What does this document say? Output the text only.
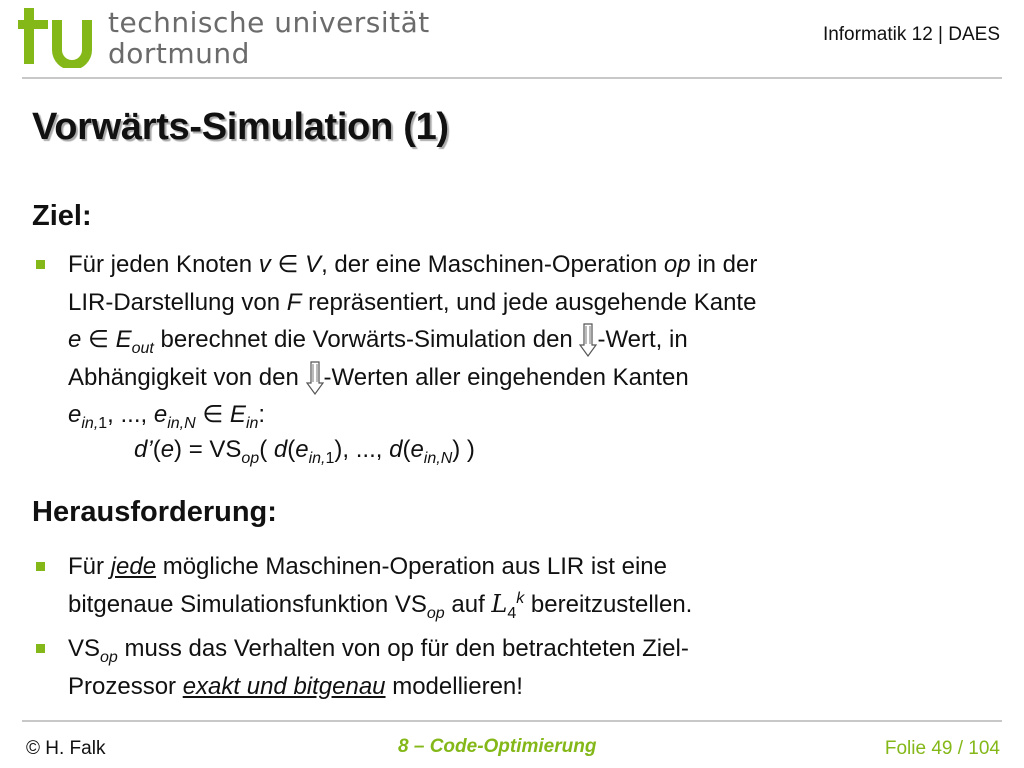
technische universität
dortmund
Informatik 12 | DAES
Vorwärts-Simulation (1)
Ziel:
Für jeden Knoten v ∈ V, der eine Maschinen-Operation op in der
LIR-Darstellung von F repräsentiert, und jede ausgehende Kante
e ∈ $E_{out}$ berechnet die Vorwärts-Simulation den -Wert, in
Abhängigkeit von den -Werten aller eingehenden Kanten
$e_{in,1}$, ..., $e_{in,N}$ ∈ $E_{in}$:
d’(e) = $VS_{op}$( $d(e_{in,1})$, ..., $d(e_{in,N})$ )
Herausforderung:
Für jede mögliche Maschinen-Operation aus LIR ist eine
bitgenaue Simulationsfunktion $VS_{op}$ auf $L_4^k$ bereitzustellen.
$VS_{op}$ muss das Verhalten von op für den betrachteten Ziel-
Prozessor exakt und bitgenau modellieren!
© H. Falk	8 – Code-Optimierung	Folie 49 / 104
